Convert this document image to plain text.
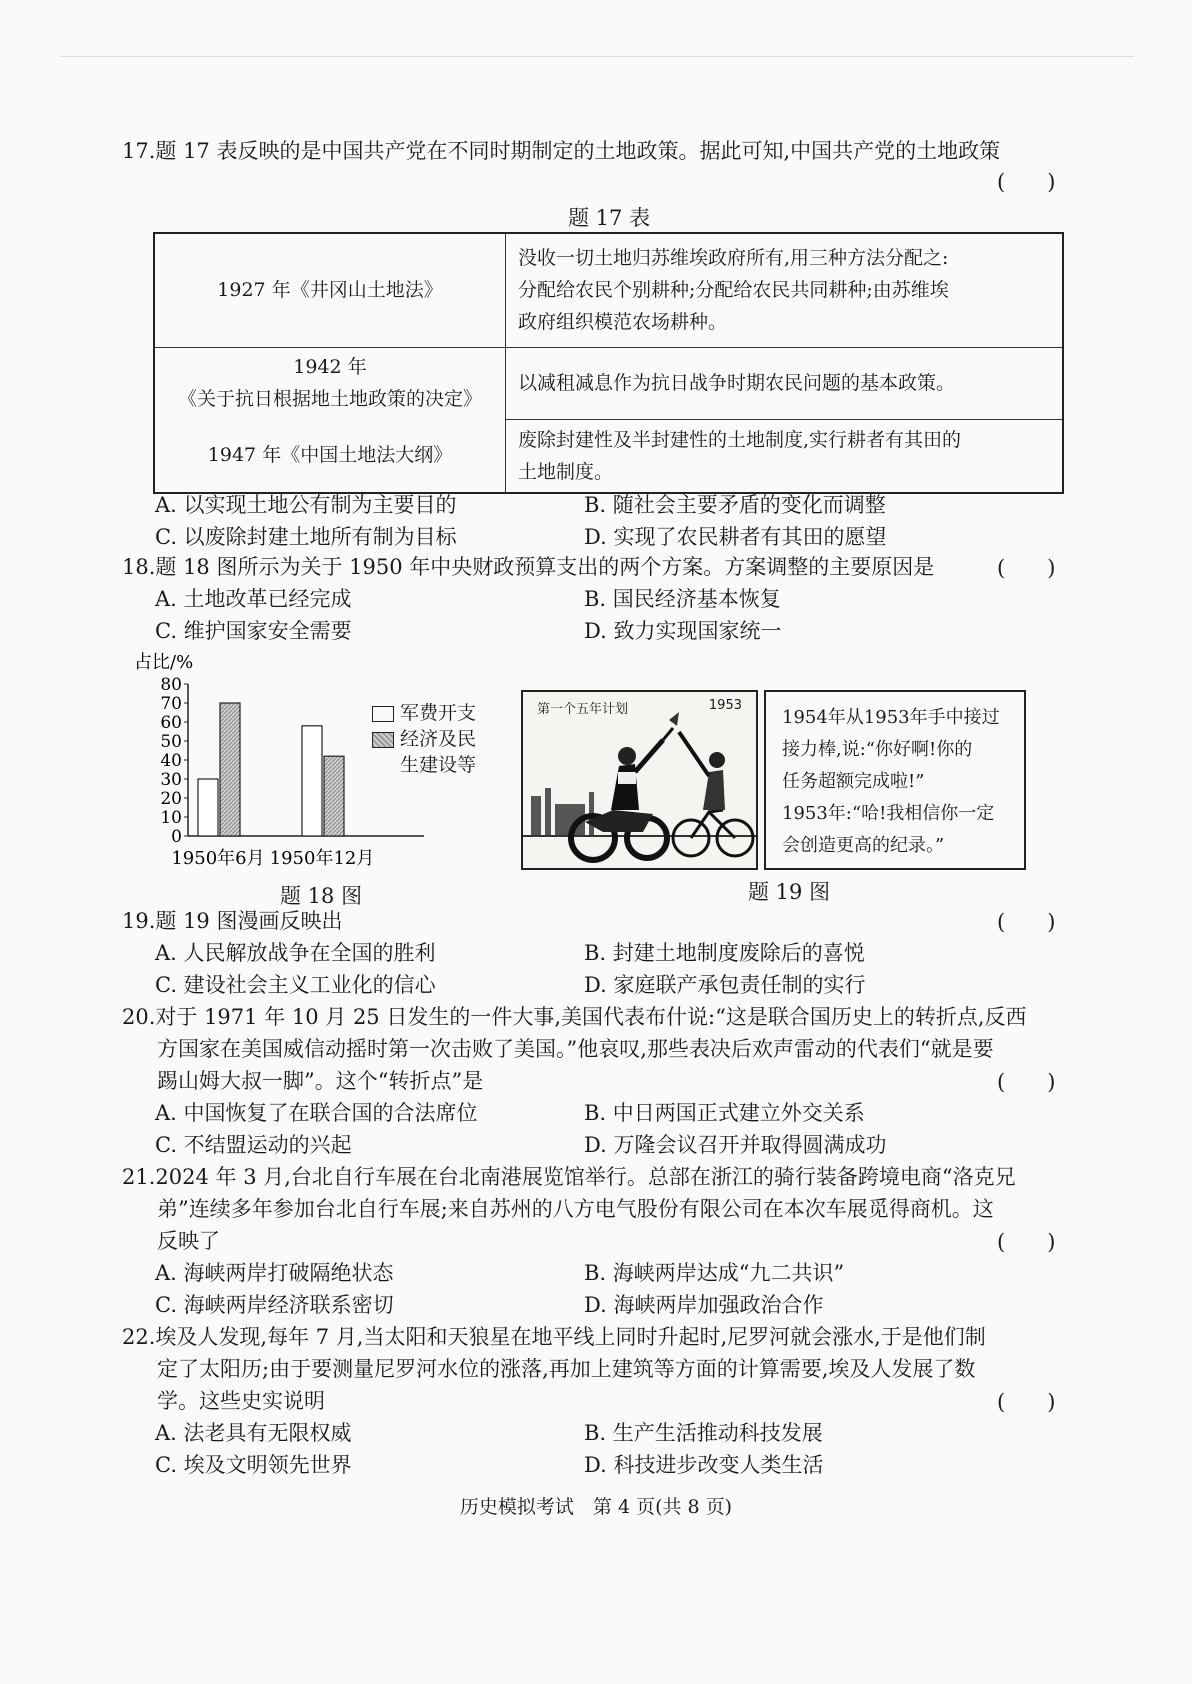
17.题 17 表反映的是中国共产党在不同时期制定的土地政策。据此可知,中国共产党的土地政策
(　　)
题 17 表
1927 年《井冈山土地法》	没收一切土地归苏维埃政府所有,用三种方法分配之:
分配给农民个别耕种;分配给农民共同耕种;由苏维埃
政府组织模范农场耕种。

1942 年
《关于抗日根据地土地政策的决定》	以减租减息作为抗日战争时期农民问题的基本政策。

1947 年《中国土地法大纲》	废除封建性及半封建性的土地制度,实行耕者有其田的
土地制度。
A. 以实现土地公有制为主要目的	B. 随社会主要矛盾的变化而调整
C. 以废除封建土地所有制为目标	D. 实现了农民耕者有其田的愿望
18.题 18 图所示为关于 1950 年中央财政预算支出的两个方案。方案调整的主要原因是	(　　)
A. 土地改革已经完成	B. 国民经济基本恢复
C. 维护国家安全需要	D. 致力实现国家统一
占比/%
0
10
20
30
40
50
60
70
80
1950年6月 1950年12月
军费开支
经济及民
生建设等
题 18 图
第一个五年计划	1953
1954年从1953年手中接过
接力棒,说:“你好啊!你的
任务超额完成啦!”
1953年:“哈!我相信你一定
会创造更高的纪录。”
题 19 图
19.题 19 图漫画反映出	(　　)
A. 人民解放战争在全国的胜利	B. 封建土地制度废除后的喜悦
C. 建设社会主义工业化的信心	D. 家庭联产承包责任制的实行
20.对于 1971 年 10 月 25 日发生的一件大事,美国代表布什说:“这是联合国历史上的转折点,反西
方国家在美国威信动摇时第一次击败了美国。”他哀叹,那些表决后欢声雷动的代表们“就是要
踢山姆大叔一脚”。这个“转折点”是	(　　)
A. 中国恢复了在联合国的合法席位	B. 中日两国正式建立外交关系
C. 不结盟运动的兴起	D. 万隆会议召开并取得圆满成功
21.2024 年 3 月,台北自行车展在台北南港展览馆举行。总部在浙江的骑行装备跨境电商“洛克兄
弟”连续多年参加台北自行车展;来自苏州的八方电气股份有限公司在本次车展觅得商机。这
反映了	(　　)
A. 海峡两岸打破隔绝状态	B. 海峡两岸达成“九二共识”
C. 海峡两岸经济联系密切	D. 海峡两岸加强政治合作
22.埃及人发现,每年 7 月,当太阳和天狼星在地平线上同时升起时,尼罗河就会涨水,于是他们制
定了太阳历;由于要测量尼罗河水位的涨落,再加上建筑等方面的计算需要,埃及人发展了数
学。这些史实说明	(　　)
A. 法老具有无限权威	B. 生产生活推动科技发展
C. 埃及文明领先世界	D. 科技进步改变人类生活
历史模拟考试　第 4 页(共 8 页)
